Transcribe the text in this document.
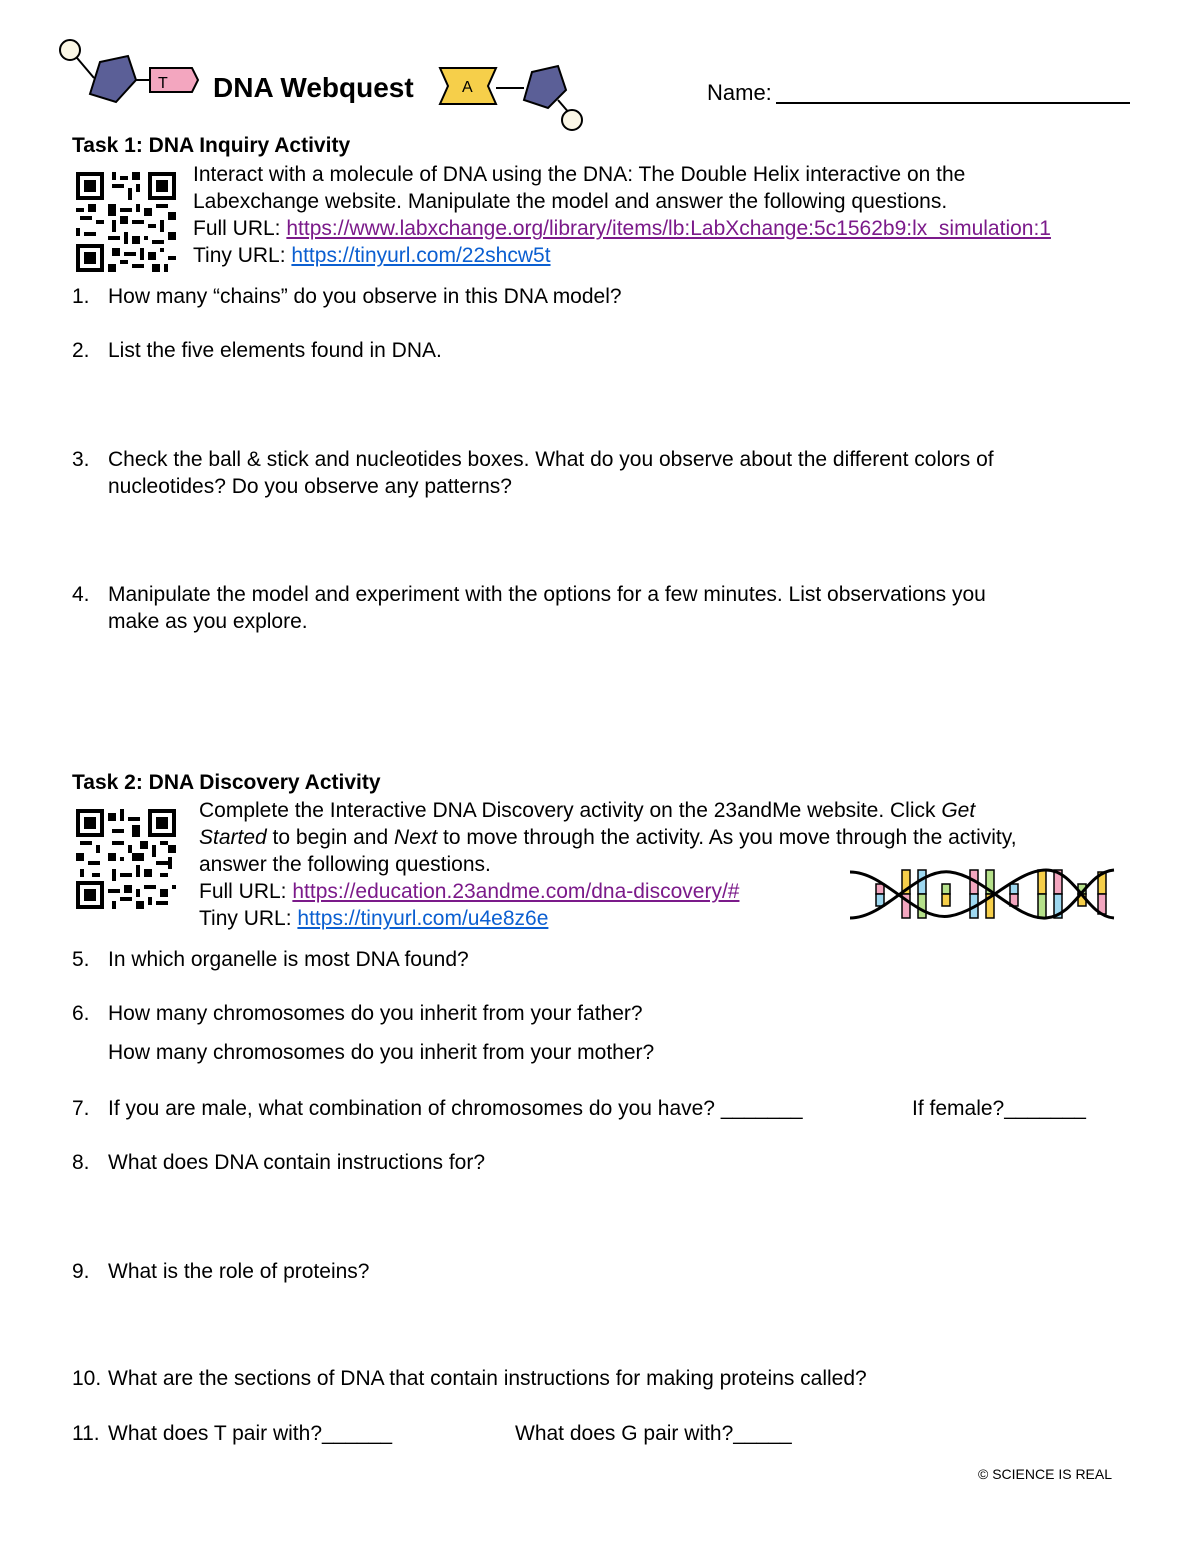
T DNA Webquest	A	Name:
Task 1: DNA Inquiry Activity
Interact with a molecule of DNA using the DNA: The Double Helix interactive on the
Labexchange website. Manipulate the model and answer the following questions.
Full URL: https://www.labxchange.org/library/items/lb:LabXchange:5c1562b9:lx_simulation:1
Tiny URL: https://tinyurl.com/22shcw5t
1. How many “chains” do you observe in this DNA model?
2. List the five elements found in DNA.
3. Check the ball & stick and nucleotides boxes. What do you observe about the different colors of
nucleotides? Do you observe any patterns?
4. Manipulate the model and experiment with the options for a few minutes. List observations you
make as you explore.
Task 2: DNA Discovery Activity
Complete the Interactive DNA Discovery activity on the 23andMe website. Click Get
Started to begin and Next to move through the activity. As you move through the activity,
answer the following questions.
Full URL: https://education.23andme.com/dna-discovery/#
Tiny URL: https://tinyurl.com/u4e8z6e
5. In which organelle is most DNA found?
6. How many chromosomes do you inherit from your father?
How many chromosomes do you inherit from your mother?
7. If you are male, what combination of chromosomes do you have? _______	If female?_______
8. What does DNA contain instructions for?
9. What is the role of proteins?
10. What are the sections of DNA that contain instructions for making proteins called?
11. What does T pair with?______	What does G pair with?_____
© SCIENCE IS REAL
